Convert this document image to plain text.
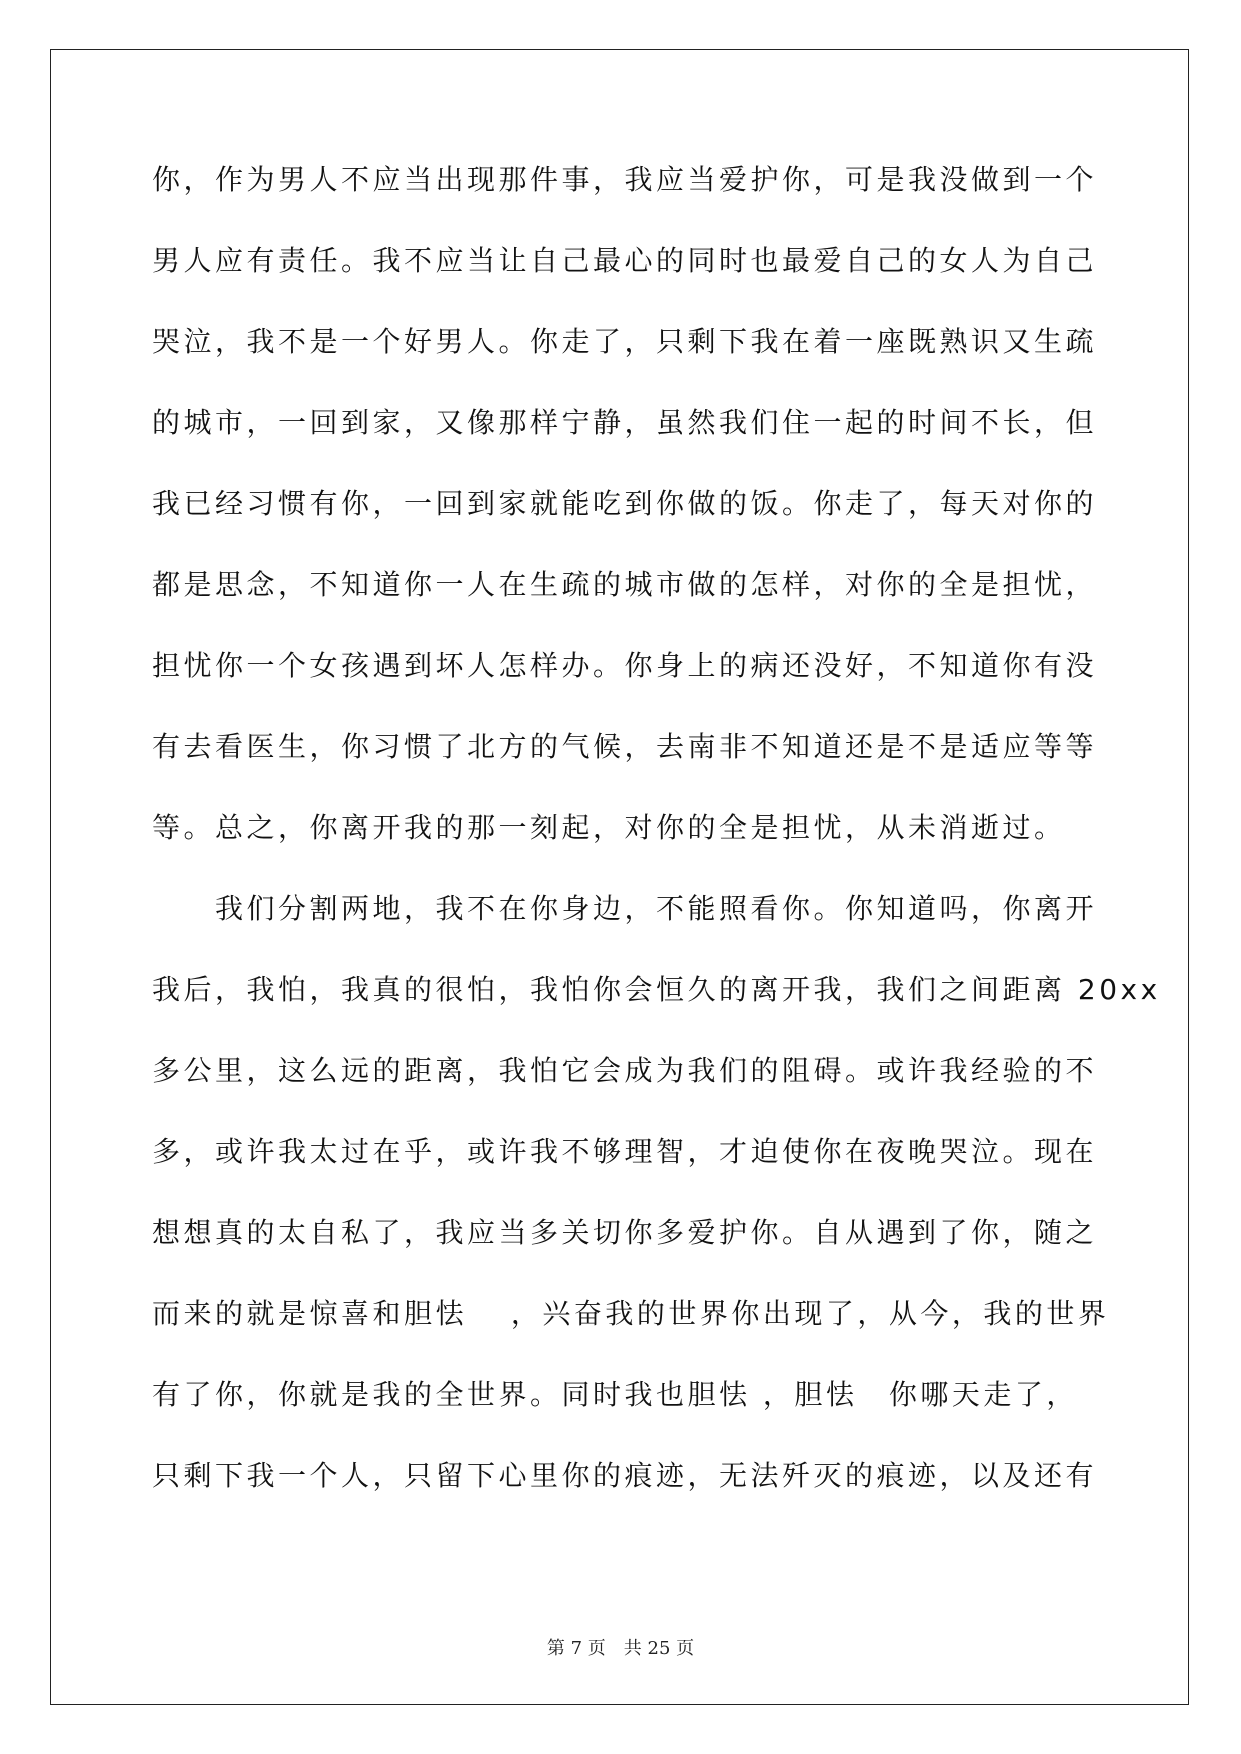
你，作为男人不应当出现那件事，我应当爱护你，可是我没做到一个
男人应有责任。我不应当让自己最心的同时也最爱自己的女人为自己
哭泣，我不是一个好男人。你走了，只剩下我在着一座既熟识又生疏
的城市，一回到家，又像那样宁静，虽然我们住一起的时间不长，但
我已经习惯有你，一回到家就能吃到你做的饭。你走了，每天对你的
都是思念，不知道你一人在生疏的城市做的怎样，对你的全是担忧，
担忧你一个女孩遇到坏人怎样办。你身上的病还没好，不知道你有没
有去看医生，你习惯了北方的气候，去南非不知道还是不是适应等等
等。总之，你离开我的那一刻起，对你的全是担忧，从未消逝过。
　　我们分割两地，我不在你身边，不能照看你。你知道吗，你离开
我后，我怕，我真的很怕，我怕你会恒久的离开我，我们之间距离 20xx
多公里，这么远的距离，我怕它会成为我们的阻碍。或许我经验的不
多，或许我太过在乎，或许我不够理智，才迫使你在夜晚哭泣。现在
想想真的太自私了，我应当多关切你多爱护你。自从遇到了你，随之
而来的就是惊喜和胆怯　 ，兴奋我的世界你出现了，从今，我的世界
有了你，你就是我的全世界。同时我也胆怯 ，胆怯　你哪天走了，
只剩下我一个人，只留下心里你的痕迹，无法歼灭的痕迹，以及还有
第 7 页　共 25 页
